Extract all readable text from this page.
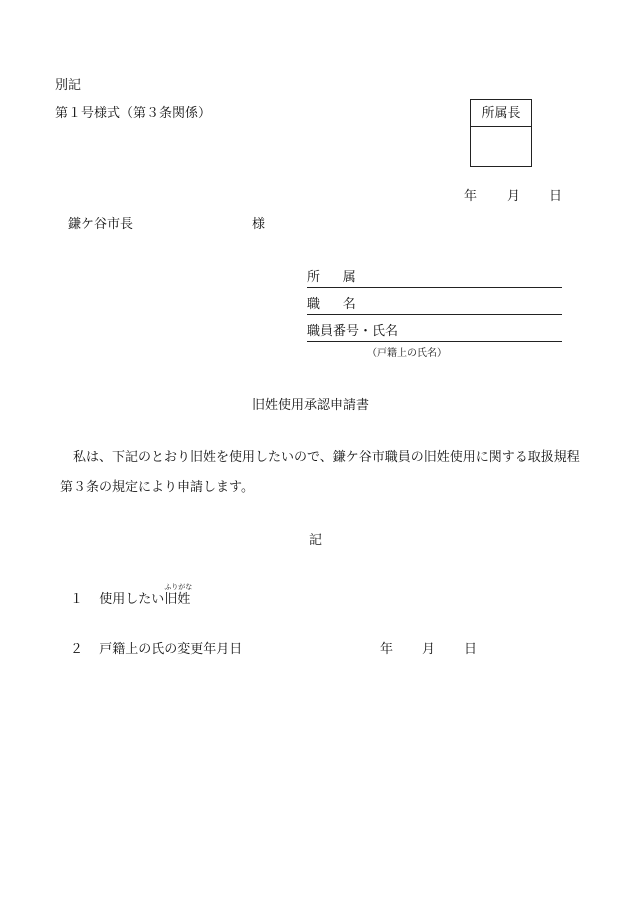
別記
第１号様式（第３条関係）	所属長
年 月 日
鎌ケ谷市長	様
所属
職名
職員番号・氏名
（戸籍上の氏名）
旧姓使用承認申請書
私は、下記のとおり旧姓を使用したいので、鎌ケ谷市職員の旧姓使用に関する取扱規程第３条の規定により申請します。
記
１ 使用したい
ふりがな
旧姓
２ 戸籍上の氏の変更年月日	年 月 日
